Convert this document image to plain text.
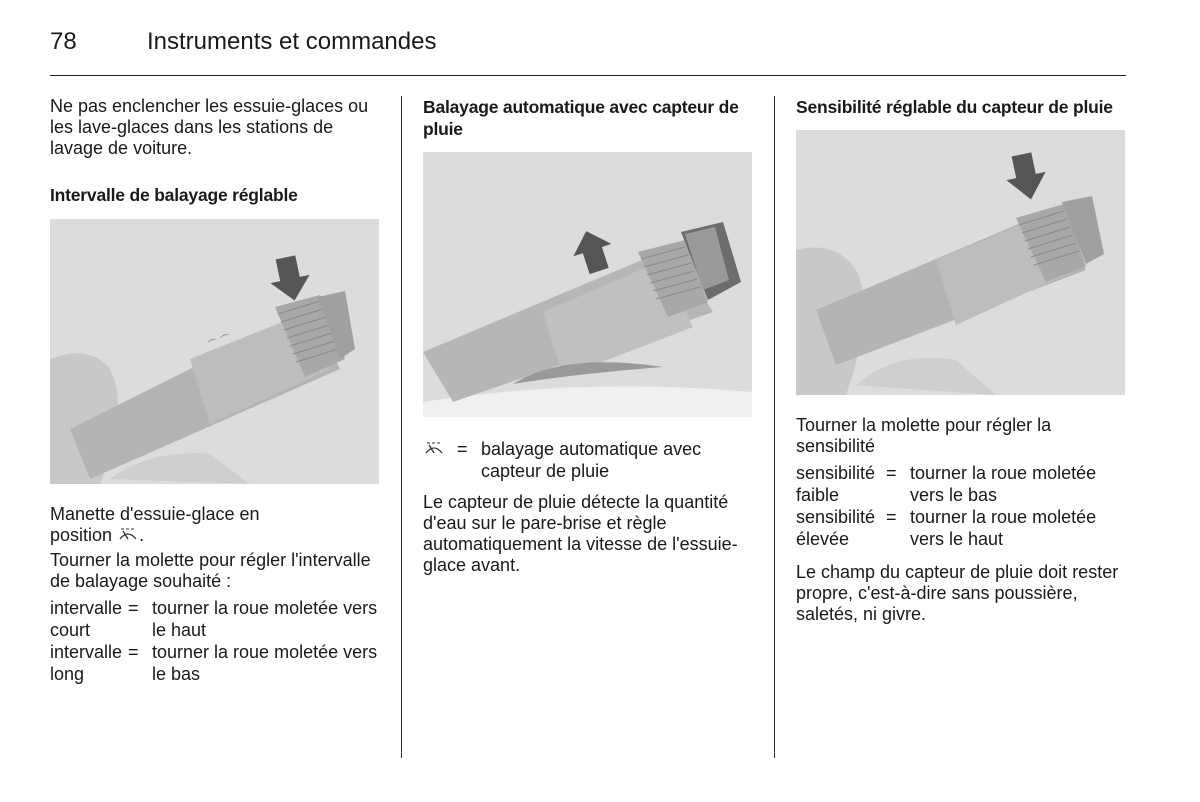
78	Instruments et commandes

Ne pas enclencher les essuie-glaces ou les lave-glaces dans les stations de lavage de voiture.

Intervalle de balayage réglable
⌒ ⌒

Manette d'essuie-glace en
position .

Tourner la molette pour régler l'intervalle de balayage souhaité :

intervalle court
= tourner la roue moletée vers le haut
intervalle long
= tourner la roue moletée vers le bas
Balayage automatique avec capteur de pluie
= balayage automatique avec capteur de pluie

Le capteur de pluie détecte la quantité d'eau sur le pare-brise et règle automatiquement la vitesse de l'essuie-glace avant.

Sensibilité réglable du capteur de pluie

Tourner la molette pour régler la sensibilité

sensibilité faible
= tourner la roue moletée vers le bas
sensibilité élevée
= tourner la roue moletée vers le haut

Le champ du capteur de pluie doit rester propre, c'est-à-dire sans poussière, saletés, ni givre.
